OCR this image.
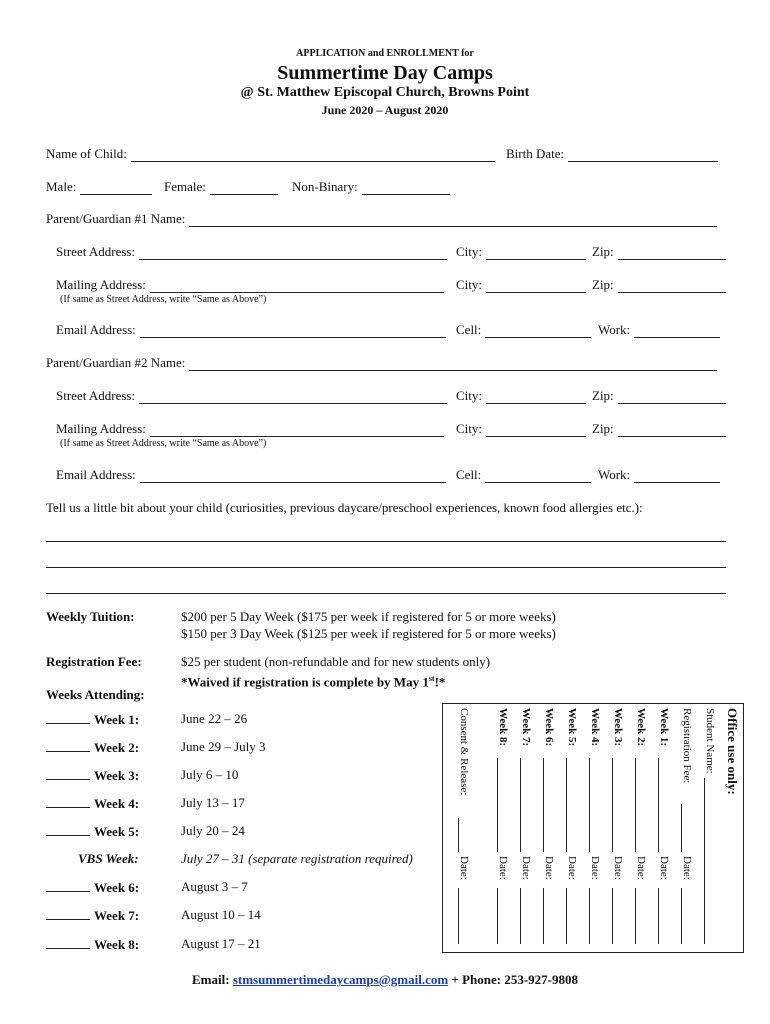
APPLICATION and ENROLLMENT for
Summertime Day Camps
@ St. Matthew Episcopal Church, Browns Point
June 2020 – August 2020
Name of Child:	Birth Date:
Male:	Female:	Non-Binary:
Parent/Guardian #1 Name:
Street Address:	City:	Zip:
Mailing Address:	City:	Zip:
(If same as Street Address, write “Same as Above”)
Email Address:	Cell:	Work:
Parent/Guardian #2 Name:
Street Address:	City:	Zip:
Mailing Address:	City:	Zip:
(If same as Street Address, write “Same as Above”)
Email Address:	Cell:	Work:
Tell us a little bit about your child (curiosities, previous daycare/preschool experiences, known food allergies etc.):
Weekly Tuition:	$200 per 5 Day Week ($175 per week if registered for 5 or more weeks)
$150 per 3 Day Week ($125 per week if registered for 5 or more weeks)
Registration Fee:	$25 per student (non-refundable and for new students only)
*Waived if registration is complete by May 1st!*
Weeks Attending:
Week 1:	June 22 – 26
Week 2:	June 29 – July 3
Week 3:	July 6 – 10
Week 4:	July 13 – 17
Week 5:	July 20 – 24
VBS Week:	July 27 – 31 (separate registration required)
Week 6:	August 3 – 7
Week 7:	August 10 – 14
Week 8:	August 17 – 21
Office use only:
Student Name:
Registration Fee:
Date:
Week 1:
Date:
Week 2:
Date:
Week 3:
Date:
Week 4:
Date:
Week 5:
Date:
Week 6:
Date:
Week 7:
Date:
Week 8:
Date:
Consent & Release:
Date:
Email: stmsummertimedaycamps@gmail.com + Phone: 253-927-9808
